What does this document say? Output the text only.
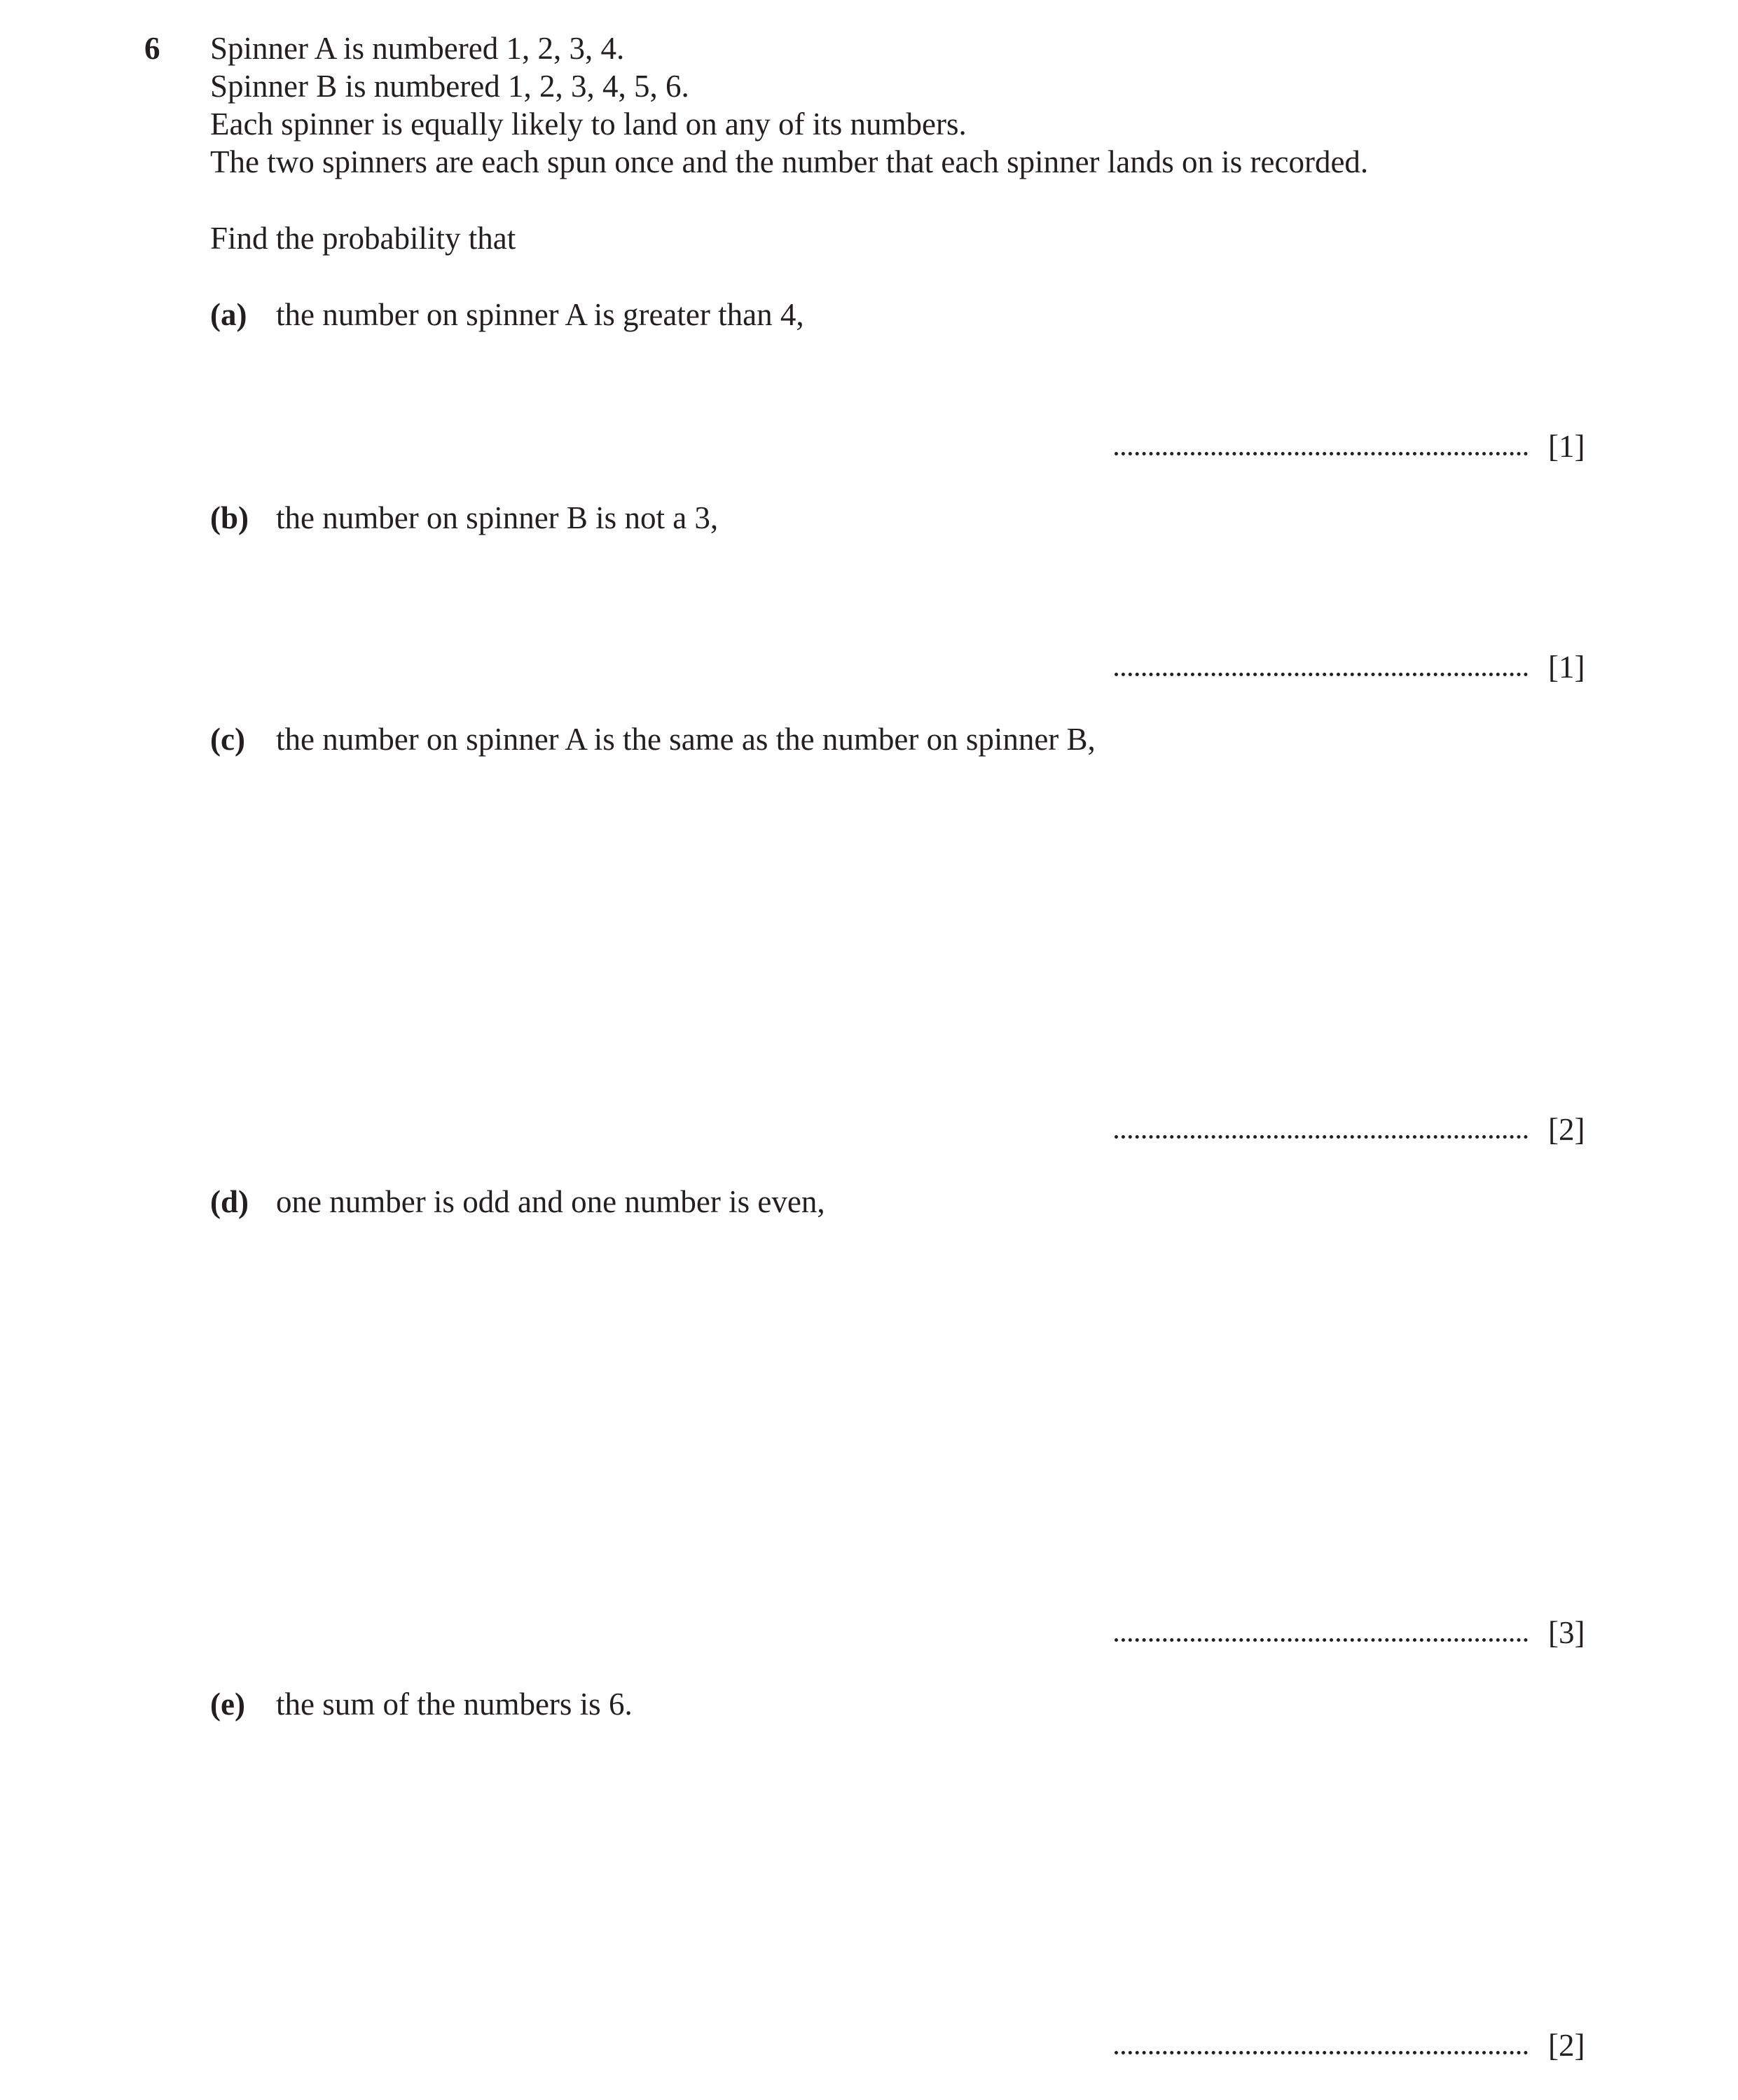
6 Spinner A is numbered 1, 2, 3, 4.
Spinner B is numbered 1, 2, 3, 4, 5, 6.
Each spinner is equally likely to land on any of its numbers.
The two spinners are each spun once and the number that each spinner lands on is recorded.
Find the probability that
(a) the number on spinner A is greater than 4,
[1]
(b) the number on spinner B is not a 3,
[1]
(c) the number on spinner A is the same as the number on spinner B,
[2]
(d) one number is odd and one number is even,
[3]
(e) the sum of the numbers is 6.
[2]
